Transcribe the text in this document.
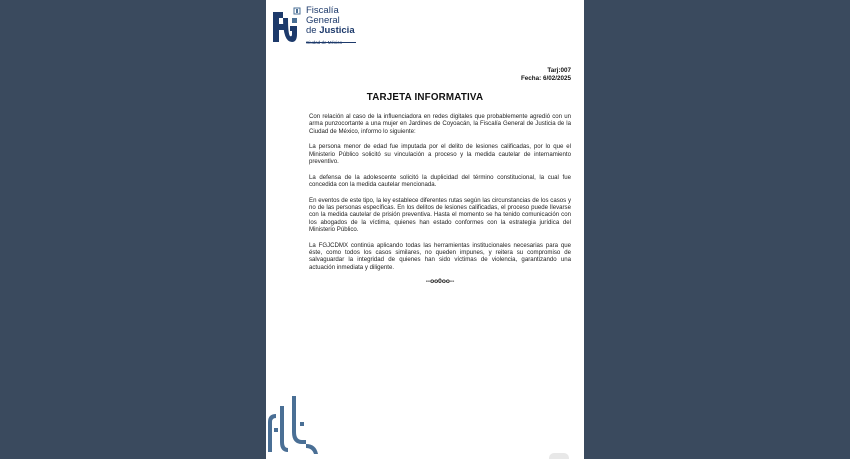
Fiscalía
General
de Justicia
Tarj:007
Fecha: 6/02/2025
TARJETA INFORMATIVA

Con relación al caso de la influenciadora en redes digitales que probablemente agredió con un arma punzocortante a una mujer en Jardines de Coyoacán, la Fiscalía General de Justicia de la Ciudad de México, informo lo siguiente:

La persona menor de edad fue imputada por el delito de lesiones calificadas, por lo que el Ministerio Público solicitó su vinculación a proceso y la medida cautelar de internamiento preventivo.

La defensa de la adolescente solicitó la duplicidad del término constitucional, la cual fue concedida con la medida cautelar mencionada.

En eventos de este tipo, la ley establece diferentes rutas según las circunstancias de los casos y no de las personas específicas. En los delitos de lesiones calificadas, el proceso puede llevarse con la medida cautelar de prisión preventiva. Hasta el momento se ha tenido comunicación con los abogados de la víctima, quienes han estado conformes con la estrategia jurídica del Ministerio Público.

La FGJCDMX continúa aplicando todas las herramientas institucionales necesarias para que éste, como todos los casos similares, no queden impunes, y reitera su compromiso de salvaguardar la integridad de quienes han sido víctimas de violencia, garantizando una actuación inmediata y diligente.

--oo0oo--
